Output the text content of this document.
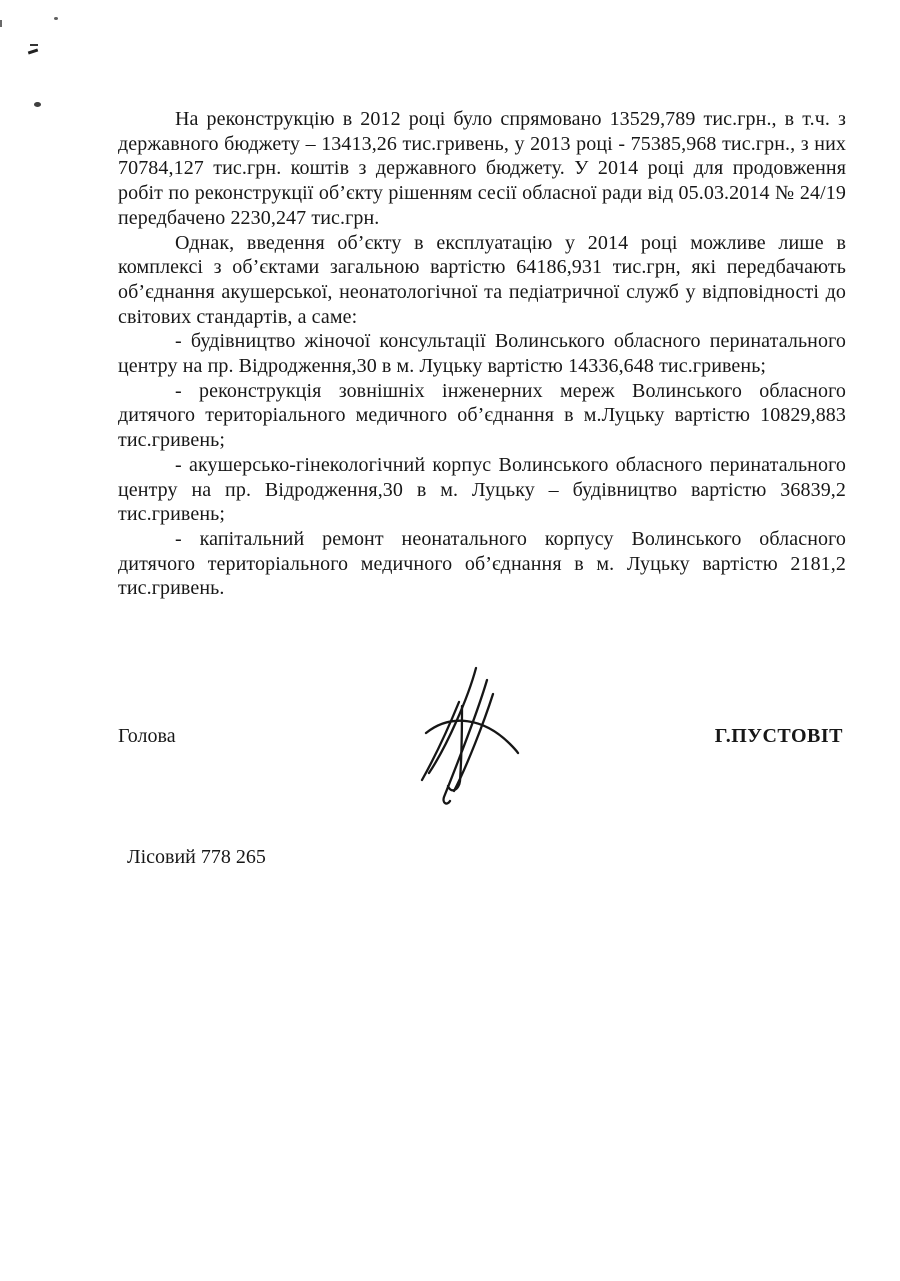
На реконструкцію в 2012 році було спрямовано 13529,789 тис.грн., в т.ч. з державного бюджету – 13413,26 тис.гривень, у 2013 році - 75385,968 тис.грн., з них 70784,127 тис.грн. коштів з державного бюджету. У 2014 році для продовження робіт по реконструкції об’єкту рішенням сесії обласної ради від 05.03.2014 № 24/19 передбачено 2230,247 тис.грн.

Однак, введення об’єкту в експлуатацію у 2014 році можливе лише в комплексі з об’єктами загальною вартістю 64186,931 тис.грн, які передбачають об’єднання акушерської, неонатологічної та педіатричної служб у відповідності до світових стандартів, а саме:

- будівництво жіночої консультації Волинського обласного перинатального центру на пр. Відродження,30 в м. Луцьку вартістю 14336,648 тис.гривень;

- реконструкція зовнішніх інженерних мереж Волинського обласного дитячого територіального медичного об’єднання в м.Луцьку вартістю 10829,883 тис.гривень;

- акушерсько-гінекологічний корпус Волинського обласного перинатального центру на пр. Відродження,30 в м. Луцьку – будівництво вартістю 36839,2 тис.гривень;

- капітальний ремонт неонатального корпусу Волинського обласного дитячого територіального медичного об’єднання в м. Луцьку вартістю 2181,2 тис.гривень.

Голова	Г.ПУСТОВІТ
Лісовий 778 265
